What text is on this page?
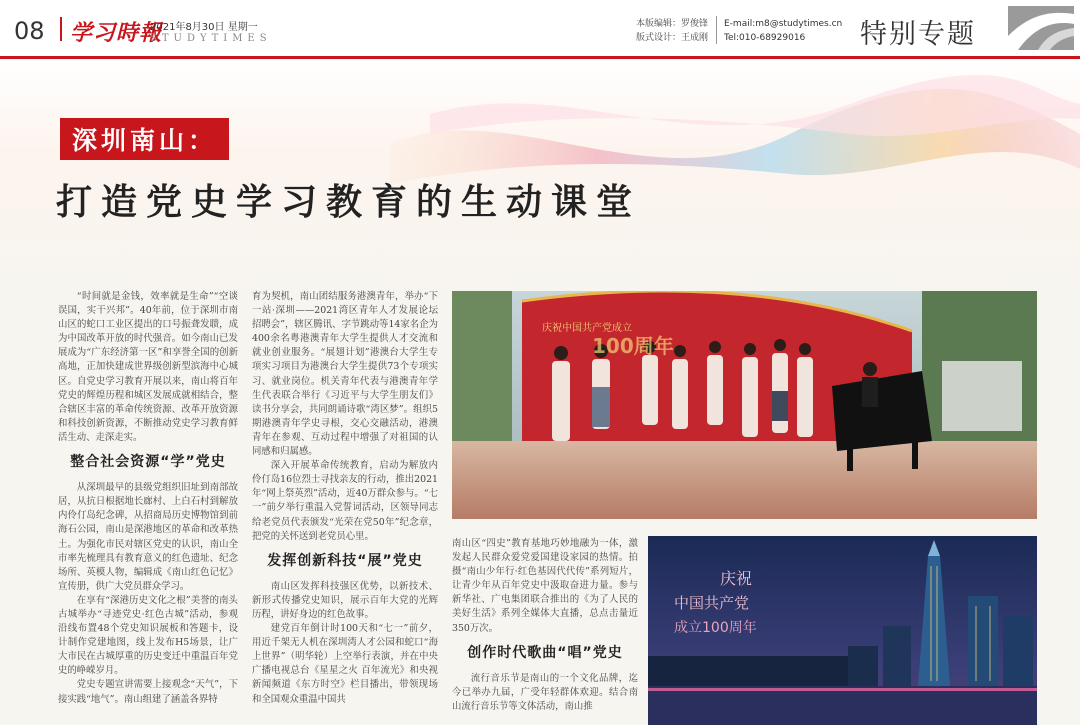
08 学习時報
2021年8月30日 星期一
STUDYTIMES
本版编辑：罗俊锋
版式设计：王成刚
E-mail:m8@studytimes.cn
Tel:010-68929016	特别专题
深圳南山：
打造党史学习教育的生动课堂

“时间就是金钱，效率就是生命”“空谈误国，实干兴邦”。40年前，位于深圳市南山区的蛇口工业区提出的口号振聋发聩，成为中国改革开放的时代强音。如今南山已发展成为“广东经济第一区”和享誉全国的创新高地，正加快建成世界级创新型滨海中心城区。自党史学习教育开展以来，南山将百年党史的辉煌历程和城区发展成就相结合，整合辖区丰富的革命传统资源、改革开放资源和科技创新资源，不断推动党史学习教育鲜活生动、走深走实。

整合社会资源“学”党史

从深圳最早的县级党组织旧址到南部故居，从抗日根据地长廊村、上白石村到解放内伶仃岛纪念碑，从招商局历史博物馆到前海石公园，南山是深港地区的革命和改革热土。为强化市民对辖区党史的认识，南山全市率先梳理具有教育意义的红色遗址、纪念场所、英模人物，编辑成《南山红色记忆》宣传册，供广大党员群众学习。

在享有“深港历史文化之根”美誉的南头古城举办“寻迹党史·红色古城”活动，参观沿线布置48个党史知识展板和答题卡，设计制作党建地图，线上发布H5场景，让广大市民在古城厚重的历史变迁中重温百年党史的峥嵘岁月。

党史专题宣讲需要上接观念“天气”，下接实践“地气”。南山组建了涵盖各界特

育为契机，南山团结服务港澳青年，举办“下一站·深圳——2021湾区青年人才发展论坛招聘会”，辖区腾讯、字节跳动等14家名企为400余名粤港澳青年大学生提供人才交流和就业创业服务。“展翅计划”港澳台大学生专项实习项目为港澳台大学生提供73个专项实习、就业岗位。机关青年代表与港澳青年学生代表联合举行《习近平与大学生朋友们》读书分享会，共同朗诵诗歌“湾区梦”。组织5期港澳青年学史寻根，交心交融活动，港澳青年在参观、互动过程中增强了对祖国的认同感和归属感。

深入开展革命传统教育，启动为解放内伶仃岛16位烈士寻找亲友的行动，推出2021年“网上祭英烈”活动，近40万群众参与。“七一”前夕举行重温入党誓词活动，区领导同志给老党员代表颁发“光荣在党50年”纪念章，把党的关怀送到老党员心里。

发挥创新科技“展”党史

南山区发挥科技强区优势，以新技术、新形式传播党史知识，展示百年大党的光辉历程，讲好身边的红色故事。

建党百年倒计时100天和“七一”前夕，用近千架无人机在深圳湾人才公园和蛇口“海上世界”（明华轮）上空举行表演，并在中央广播电视总台《星星之火 百年流光》和央视新闻频道《东方时空》栏目播出，带领现场和全国观众重温中国共

庆祝中国共产党成立
100周年

南山区“四史”教育基地巧妙地融为一体，激发起人民群众爱党爱国建设家园的热情。拍摄“南山少年行·红色基因代代传”系列短片，让青少年从百年党史中汲取奋进力量。参与新华社、广电集团联合推出的《为了人民的美好生活》系列全媒体大直播，总点击量近350万次。

创作时代歌曲“唱”党史

流行音乐节是南山的一个文化品牌，迄今已举办九届，广受年轻群体欢迎。结合南山流行音乐节等文体活动，南山推

庆祝
中国共产党
成立100周年
